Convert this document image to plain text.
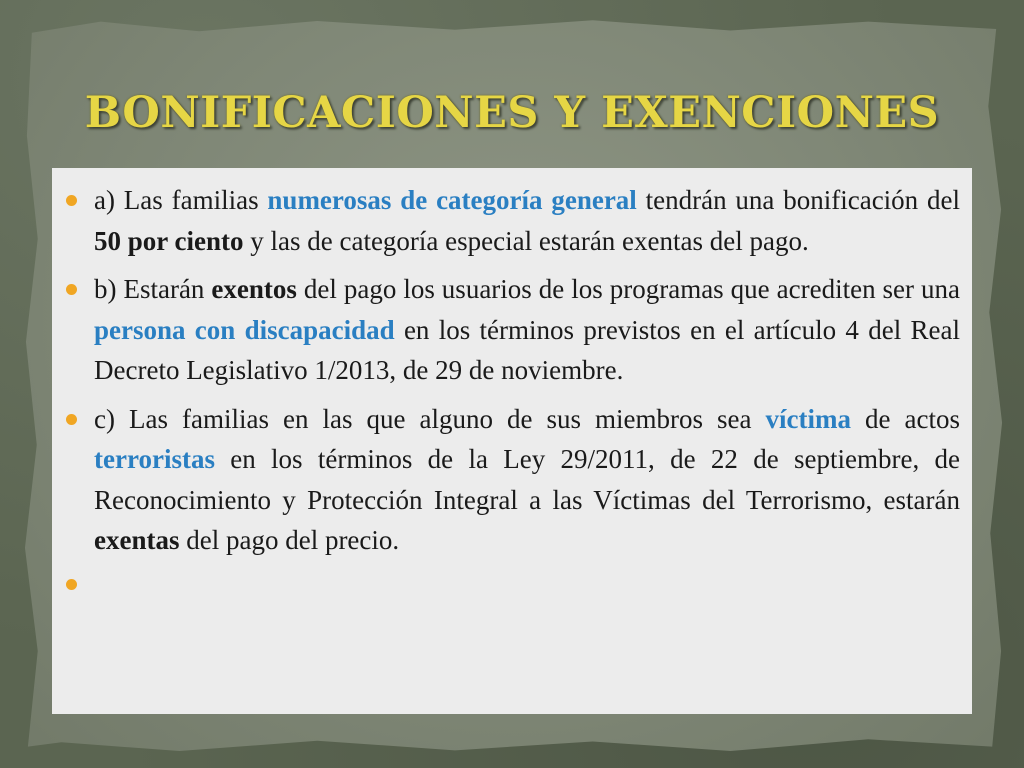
BONIFICACIONES Y EXENCIONES
a) Las familias numerosas de categoría general tendrán una bonificación del 50 por ciento y las de categoría especial estarán exentas del pago.
b) Estarán exentos del pago los usuarios de los programas que acrediten ser una persona con discapacidad en los términos previstos en el artículo 4 del Real Decreto Legislativo 1/2013, de 29 de noviembre.
c) Las familias en las que alguno de sus miembros sea víctima de actos terroristas en los términos de la Ley 29/2011, de 22 de septiembre, de Reconocimiento y Protección Integral a las Víctimas del Terrorismo, estarán exentas del pago del precio.
